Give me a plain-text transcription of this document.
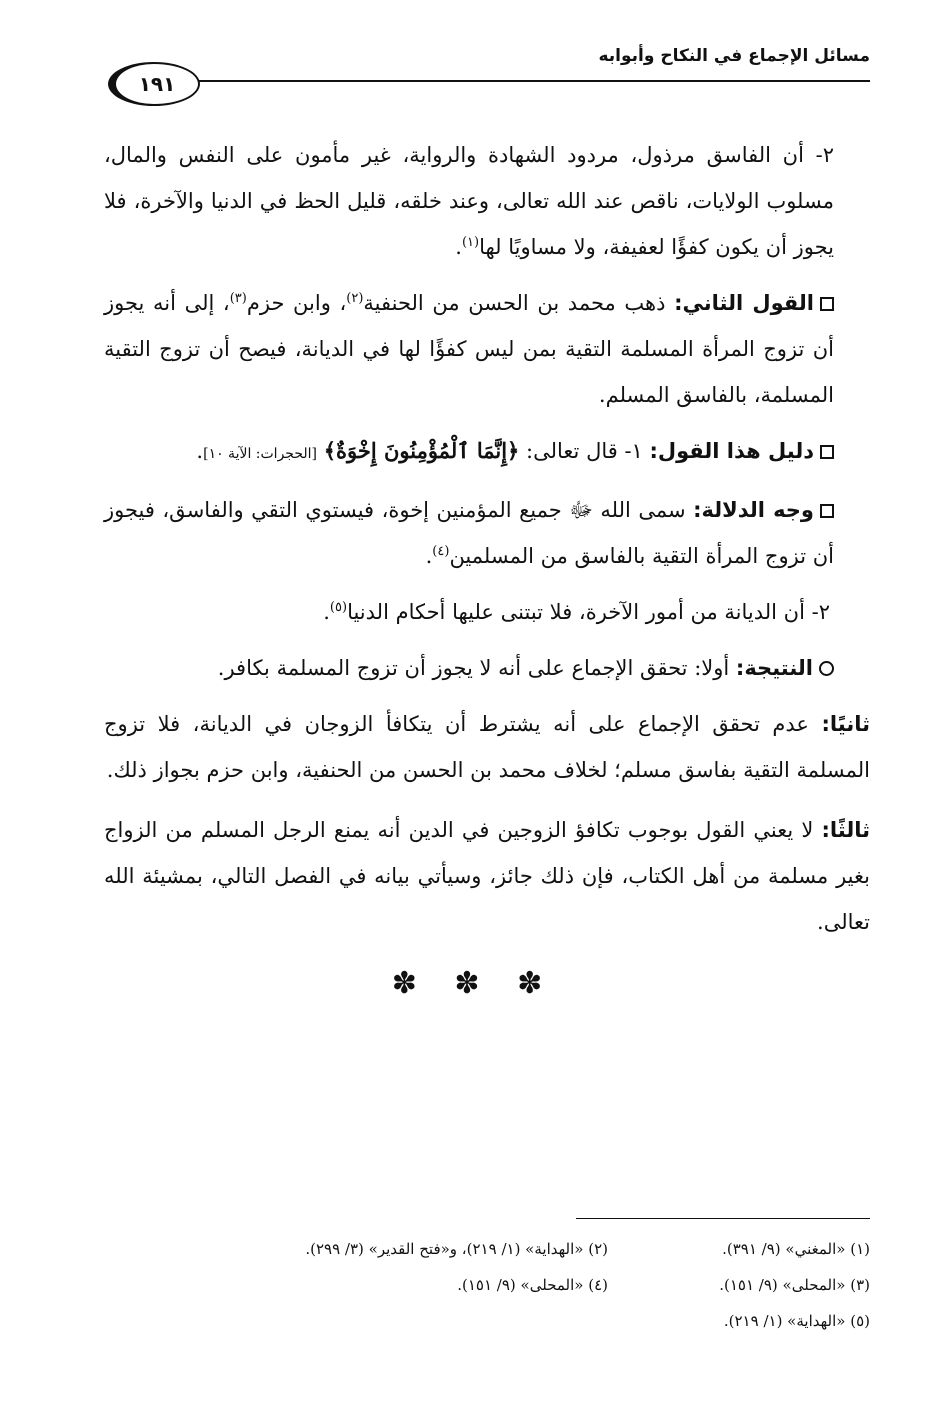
مسائل الإجماع في النكاح وأبوابه
١٩١

٢- أن الفاسق مرذول، مردود الشهادة والرواية، غير مأمون على النفس والمال، مسلوب الولايات، ناقص عند الله تعالى، وعند خلقه، قليل الحظ في الدنيا والآخرة، فلا يجوز أن يكون كفؤًا لعفيفة، ولا مساويًا لها$^{(١)}$.

القول الثاني: ذهب محمد بن الحسن من الحنفية$^{(٢)}$، وابن حزم$^{(٣)}$، إلى أنه يجوز أن تزوج المرأة المسلمة التقية بمن ليس كفؤًا لها في الديانة، فيصح أن تزوج التقية المسلمة، بالفاسق المسلم.

دليل هذا القول: ١- قال تعالى: ﴿إِنَّمَا ٱلْمُؤْمِنُونَ إِخْوَةٌ﴾ [الحجرات: الآية ١٠].

وجه الدلالة: سمى الله ﷻ جميع المؤمنين إخوة، فيستوي التقي والفاسق، فيجوز أن تزوج المرأة التقية بالفاسق من المسلمين$^{(٤)}$.

٢- أن الديانة من أمور الآخرة، فلا تبتنى عليها أحكام الدنيا$^{(٥)}$.

النتيجة: أولا: تحقق الإجماع على أنه لا يجوز أن تزوج المسلمة بكافر.

ثانيًا: عدم تحقق الإجماع على أنه يشترط أن يتكافأ الزوجان في الديانة، فلا تزوج المسلمة التقية بفاسق مسلم؛ لخلاف محمد بن الحسن من الحنفية، وابن حزم بجواز ذلك.

ثالثًا: لا يعني القول بوجوب تكافؤ الزوجين في الدين أنه يمنع الرجل المسلم من الزواج بغير مسلمة من أهل الكتاب، فإن ذلك جائز، وسيأتي بيانه في الفصل التالي، بمشيئة الله تعالى.

✽ ✽ ✽
(١) «المغني» (٩/ ٣٩١).
(٢) «الهداية» (١/ ٢١٩)، و«فتح القدير» (٣/ ٢٩٩).
(٣) «المحلى» (٩/ ١٥١).
(٤) «المحلى» (٩/ ١٥١).
(٥) «الهداية» (١/ ٢١٩).
